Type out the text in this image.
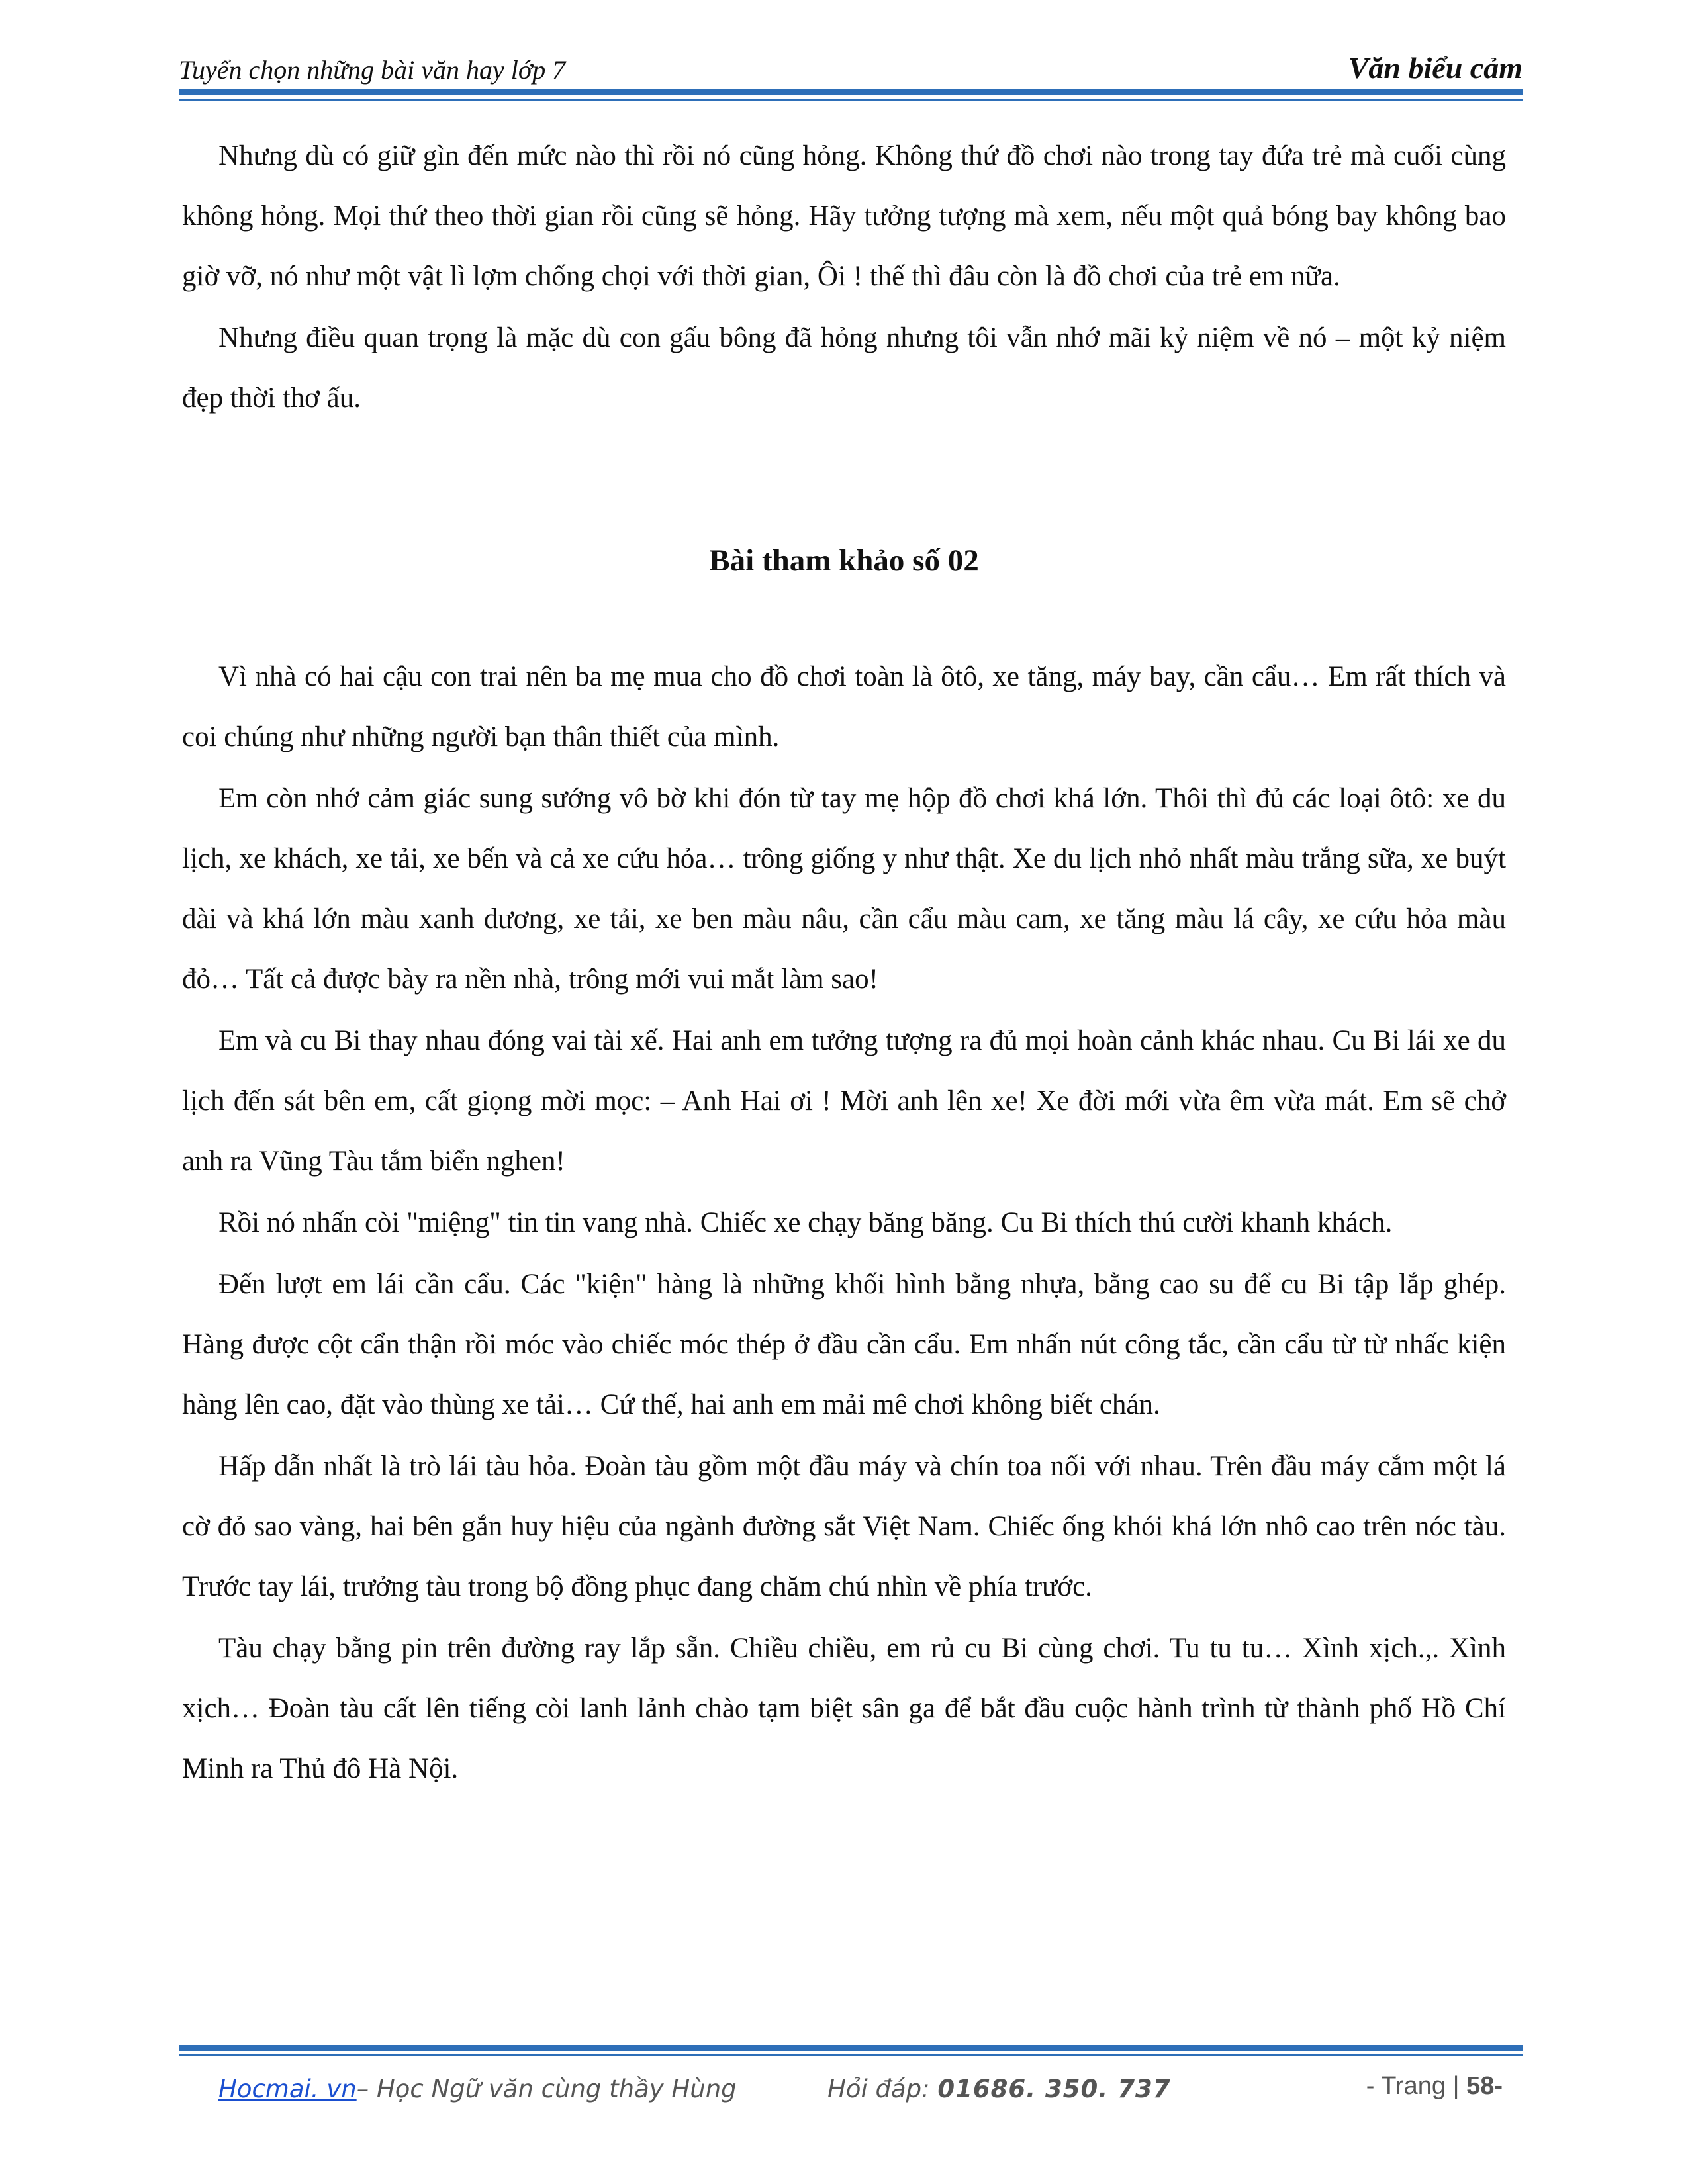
Tuyển chọn những bài văn hay lớp 7	Văn biểu cảm

Nhưng dù có giữ gìn đến mức nào thì rồi nó cũng hỏng. Không thứ đồ chơi nào trong tay đứa trẻ mà cuối cùng không hỏng. Mọi thứ theo thời gian rồi cũng sẽ hỏng. Hãy tưởng tượng mà xem, nếu một quả bóng bay không bao giờ vỡ, nó như một vật lì lợm chống chọi với thời gian, Ôi ! thế thì đâu còn là đồ chơi của trẻ em nữa.

Nhưng điều quan trọng là mặc dù con gấu bông đã hỏng nhưng tôi vẫn nhớ mãi kỷ niệm về nó – một kỷ niệm đẹp thời thơ ấu.

Bài tham khảo số 02

Vì nhà có hai cậu con trai nên ba mẹ mua cho đồ chơi toàn là ôtô, xe tăng, máy bay, cần cẩu… Em rất thích và coi chúng như những người bạn thân thiết của mình.

Em còn nhớ cảm giác sung sướng vô bờ khi đón từ tay mẹ hộp đồ chơi khá lớn. Thôi thì đủ các loại ôtô: xe du lịch, xe khách, xe tải, xe bến và cả xe cứu hỏa… trông giống y như thật. Xe du lịch nhỏ nhất màu trắng sữa, xe buýt dài và khá lớn màu xanh dương, xe tải, xe ben màu nâu, cần cẩu màu cam, xe tăng màu lá cây, xe cứu hỏa màu đỏ… Tất cả được bày ra nền nhà, trông mới vui mắt làm sao!

Em và cu Bi thay nhau đóng vai tài xế. Hai anh em tưởng tượng ra đủ mọi hoàn cảnh khác nhau. Cu Bi lái xe du lịch đến sát bên em, cất giọng mời mọc: – Anh Hai ơi ! Mời anh lên xe! Xe đời mới vừa êm vừa mát. Em sẽ chở anh ra Vũng Tàu tắm biển nghen!

Rồi nó nhấn còi "miệng" tin tin vang nhà. Chiếc xe chạy băng băng. Cu Bi thích thú cười khanh khách.

Đến lượt em lái cần cẩu. Các "kiện" hàng là những khối hình bằng nhựa, bằng cao su để cu Bi tập lắp ghép. Hàng được cột cẩn thận rồi móc vào chiếc móc thép ở đầu cần cẩu. Em nhấn nút công tắc, cần cẩu từ từ nhấc kiện hàng lên cao, đặt vào thùng xe tải… Cứ thế, hai anh em mải mê chơi không biết chán.

Hấp dẫn nhất là trò lái tàu hỏa. Đoàn tàu gồm một đầu máy và chín toa nối với nhau. Trên đầu máy cắm một lá cờ đỏ sao vàng, hai bên gắn huy hiệu của ngành đường sắt Việt Nam. Chiếc ống khói khá lớn nhô cao trên nóc tàu. Trước tay lái, trưởng tàu trong bộ đồng phục đang chăm chú nhìn về phía trước.

Tàu chạy bằng pin trên đường ray lắp sẵn. Chiều chiều, em rủ cu Bi cùng chơi. Tu tu tu… Xình xịch.,. Xình xịch… Đoàn tàu cất lên tiếng còi lanh lảnh chào tạm biệt sân ga để bắt đầu cuộc hành trình từ thành phố Hồ Chí Minh ra Thủ đô Hà Nội.

Hocmai. vn– Học Ngữ văn cùng thầy Hùng	Hỏi đáp: 01686. 350. 737	- Trang | 58-
